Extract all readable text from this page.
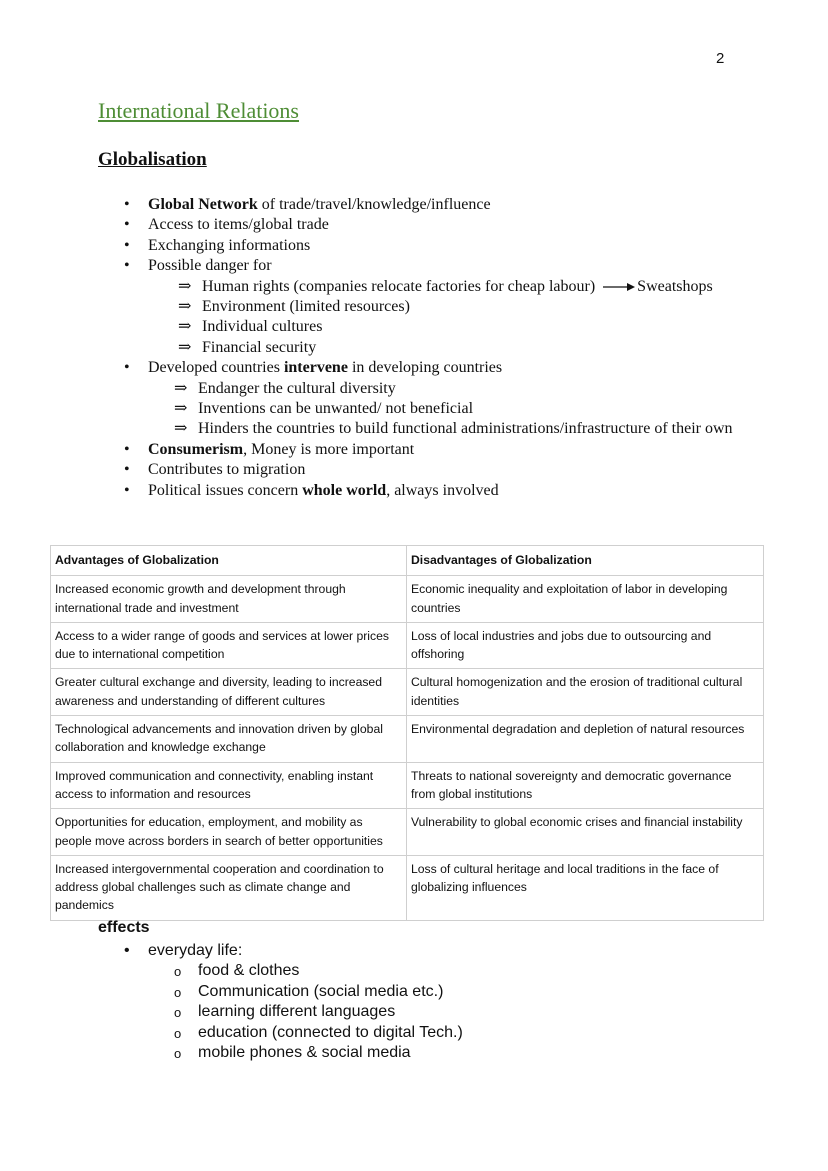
2
International Relations
Globalisation
• Global Network of trade/travel/knowledge/influence
• Access to items/global trade
• Exchanging informations
• Possible danger for
⇒ Human rights (companies relocate factories for cheap labour)	Sweatshops
⇒ Environment (limited resources)
⇒ Individual cultures
⇒ Financial security
• Developed countries intervene in developing countries
⇒ Endanger the cultural diversity
⇒ Inventions can be unwanted/ not beneficial
⇒ Hinders the countries to build functional administrations/infrastructure of their own
• Consumerism, Money is more important
• Contributes to migration
• Political issues concern whole world, always involved
Advantages of Globalization	Disadvantages of Globalization
Increased economic growth and development through international trade and investment	Economic inequality and exploitation of labor in developing countries
Access to a wider range of goods and services at lower prices due to international competition	Loss of local industries and jobs due to outsourcing and offshoring
Greater cultural exchange and diversity, leading to increased awareness and understanding of different cultures	Cultural homogenization and the erosion of traditional cultural identities
Technological advancements and innovation driven by global collaboration and knowledge exchange	Environmental degradation and depletion of natural resources
Improved communication and connectivity, enabling instant access to information and resources	Threats to national sovereignty and democratic governance from global institutions
Opportunities for education, employment, and mobility as people move across borders in search of better opportunities	Vulnerability to global economic crises and financial instability
Increased intergovernmental cooperation and coordination to address global challenges such as climate change and pandemics	Loss of cultural heritage and local traditions in the face of globalizing influences
effects
• everyday life:
o food & clothes
o Communication (social media etc.)
o learning different languages
o education (connected to digital Tech.)
o mobile phones & social media
